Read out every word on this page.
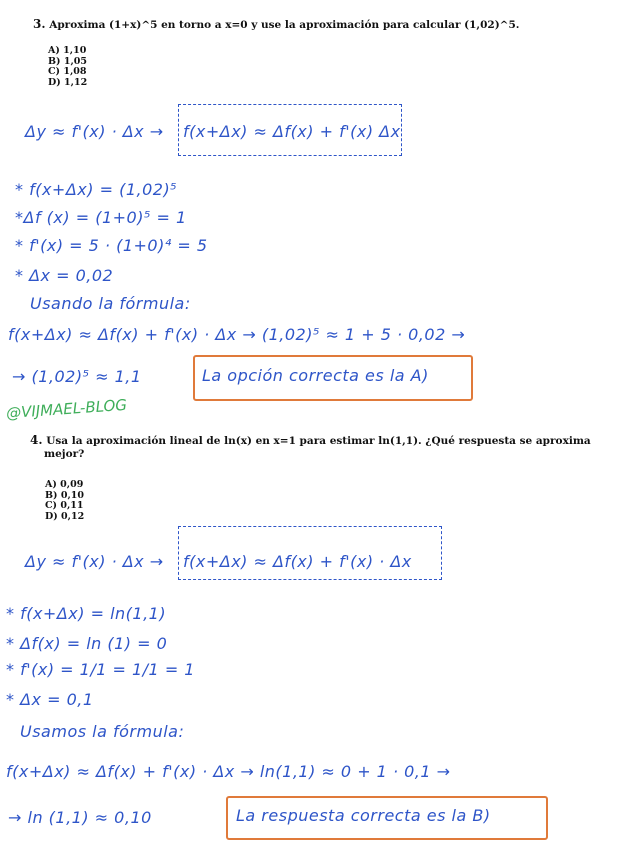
3. Aproxima (1+x)^5 en torno a x=0 y use la aproximación para calcular (1,02)^5.
A) 1,10
B) 1,05
C) 1,08
D) 1,12
Δy ≈ f'(x) · Δx → f(x+Δx) ≈ Δf(x) + f'(x) Δx
* f(x+Δx) = (1,02)⁵
*Δf (x) = (1+0)⁵ = 1
* f'(x) = 5 · (1+0)⁴ = 5
* Δx = 0,02
Usando la fórmula:
f(x+Δx) ≈ Δf(x) + f'(x) · Δx → (1,02)⁵ ≈ 1 + 5 · 0,02 →
→ (1,02)⁵ ≈ 1,1	La opción correcta es la A)
@VIJMAEL-BLOG
4. Usa la aproximación lineal de ln(x) en x=1 para estimar ln(1,1). ¿Qué respuesta se aproxima
mejor?
A) 0,09
B) 0,10
C) 0,11
D) 0,12
Δy ≈ f'(x) · Δx → f(x+Δx) ≈ Δf(x) + f'(x) · Δx
* f(x+Δx) = ln(1,1)
* Δf(x) = ln (1) = 0
* f'(x) = 1/1 = 1/1 = 1
* Δx = 0,1
Usamos la fórmula:
f(x+Δx) ≈ Δf(x) + f'(x) · Δx → ln(1,1) ≈ 0 + 1 · 0,1 →
→ ln (1,1) ≈ 0,10	La respuesta correcta es la B)
